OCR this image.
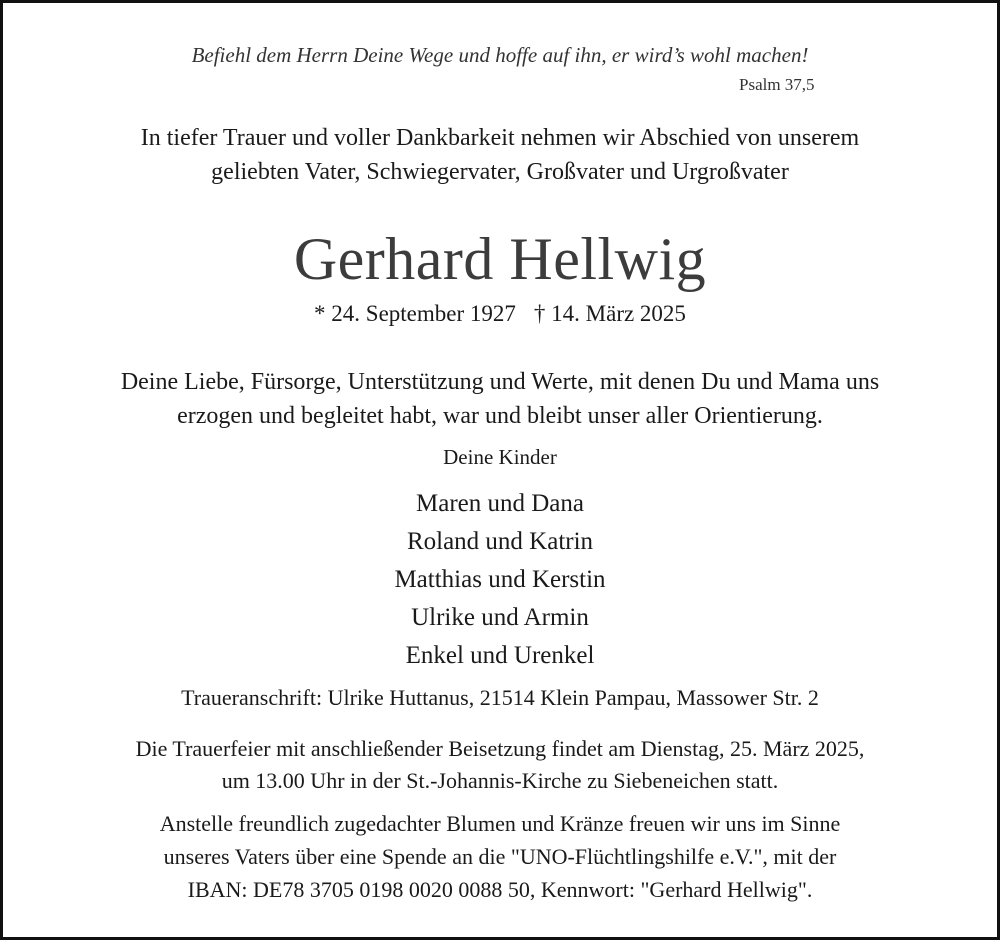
Befiehl dem Herrn Deine Wege und hoffe auf ihn, er wird’s wohl machen!
Psalm 37,5
In tiefer Trauer und voller Dankbarkeit nehmen wir Abschied von unserem
geliebten Vater, Schwiegervater, Großvater und Urgroßvater
Gerhard Hellwig
* 24. September 1927 † 14. März 2025
Deine Liebe, Fürsorge, Unterstützung und Werte, mit denen Du und Mama uns
erzogen und begleitet habt, war und bleibt unser aller Orientierung.
Deine Kinder
Maren und Dana
Roland und Katrin
Matthias und Kerstin
Ulrike und Armin
Enkel und Urenkel
Traueranschrift: Ulrike Huttanus, 21514 Klein Pampau, Massower Str. 2
Die Trauerfeier mit anschließender Beisetzung findet am Dienstag, 25. März 2025,
um 13.00 Uhr in der St.-Johannis-Kirche zu Siebeneichen statt.
Anstelle freundlich zugedachter Blumen und Kränze freuen wir uns im Sinne
unseres Vaters über eine Spende an die "UNO-Flüchtlingshilfe e.V.", mit der
IBAN: DE78 3705 0198 0020 0088 50, Kennwort: "Gerhard Hellwig".
